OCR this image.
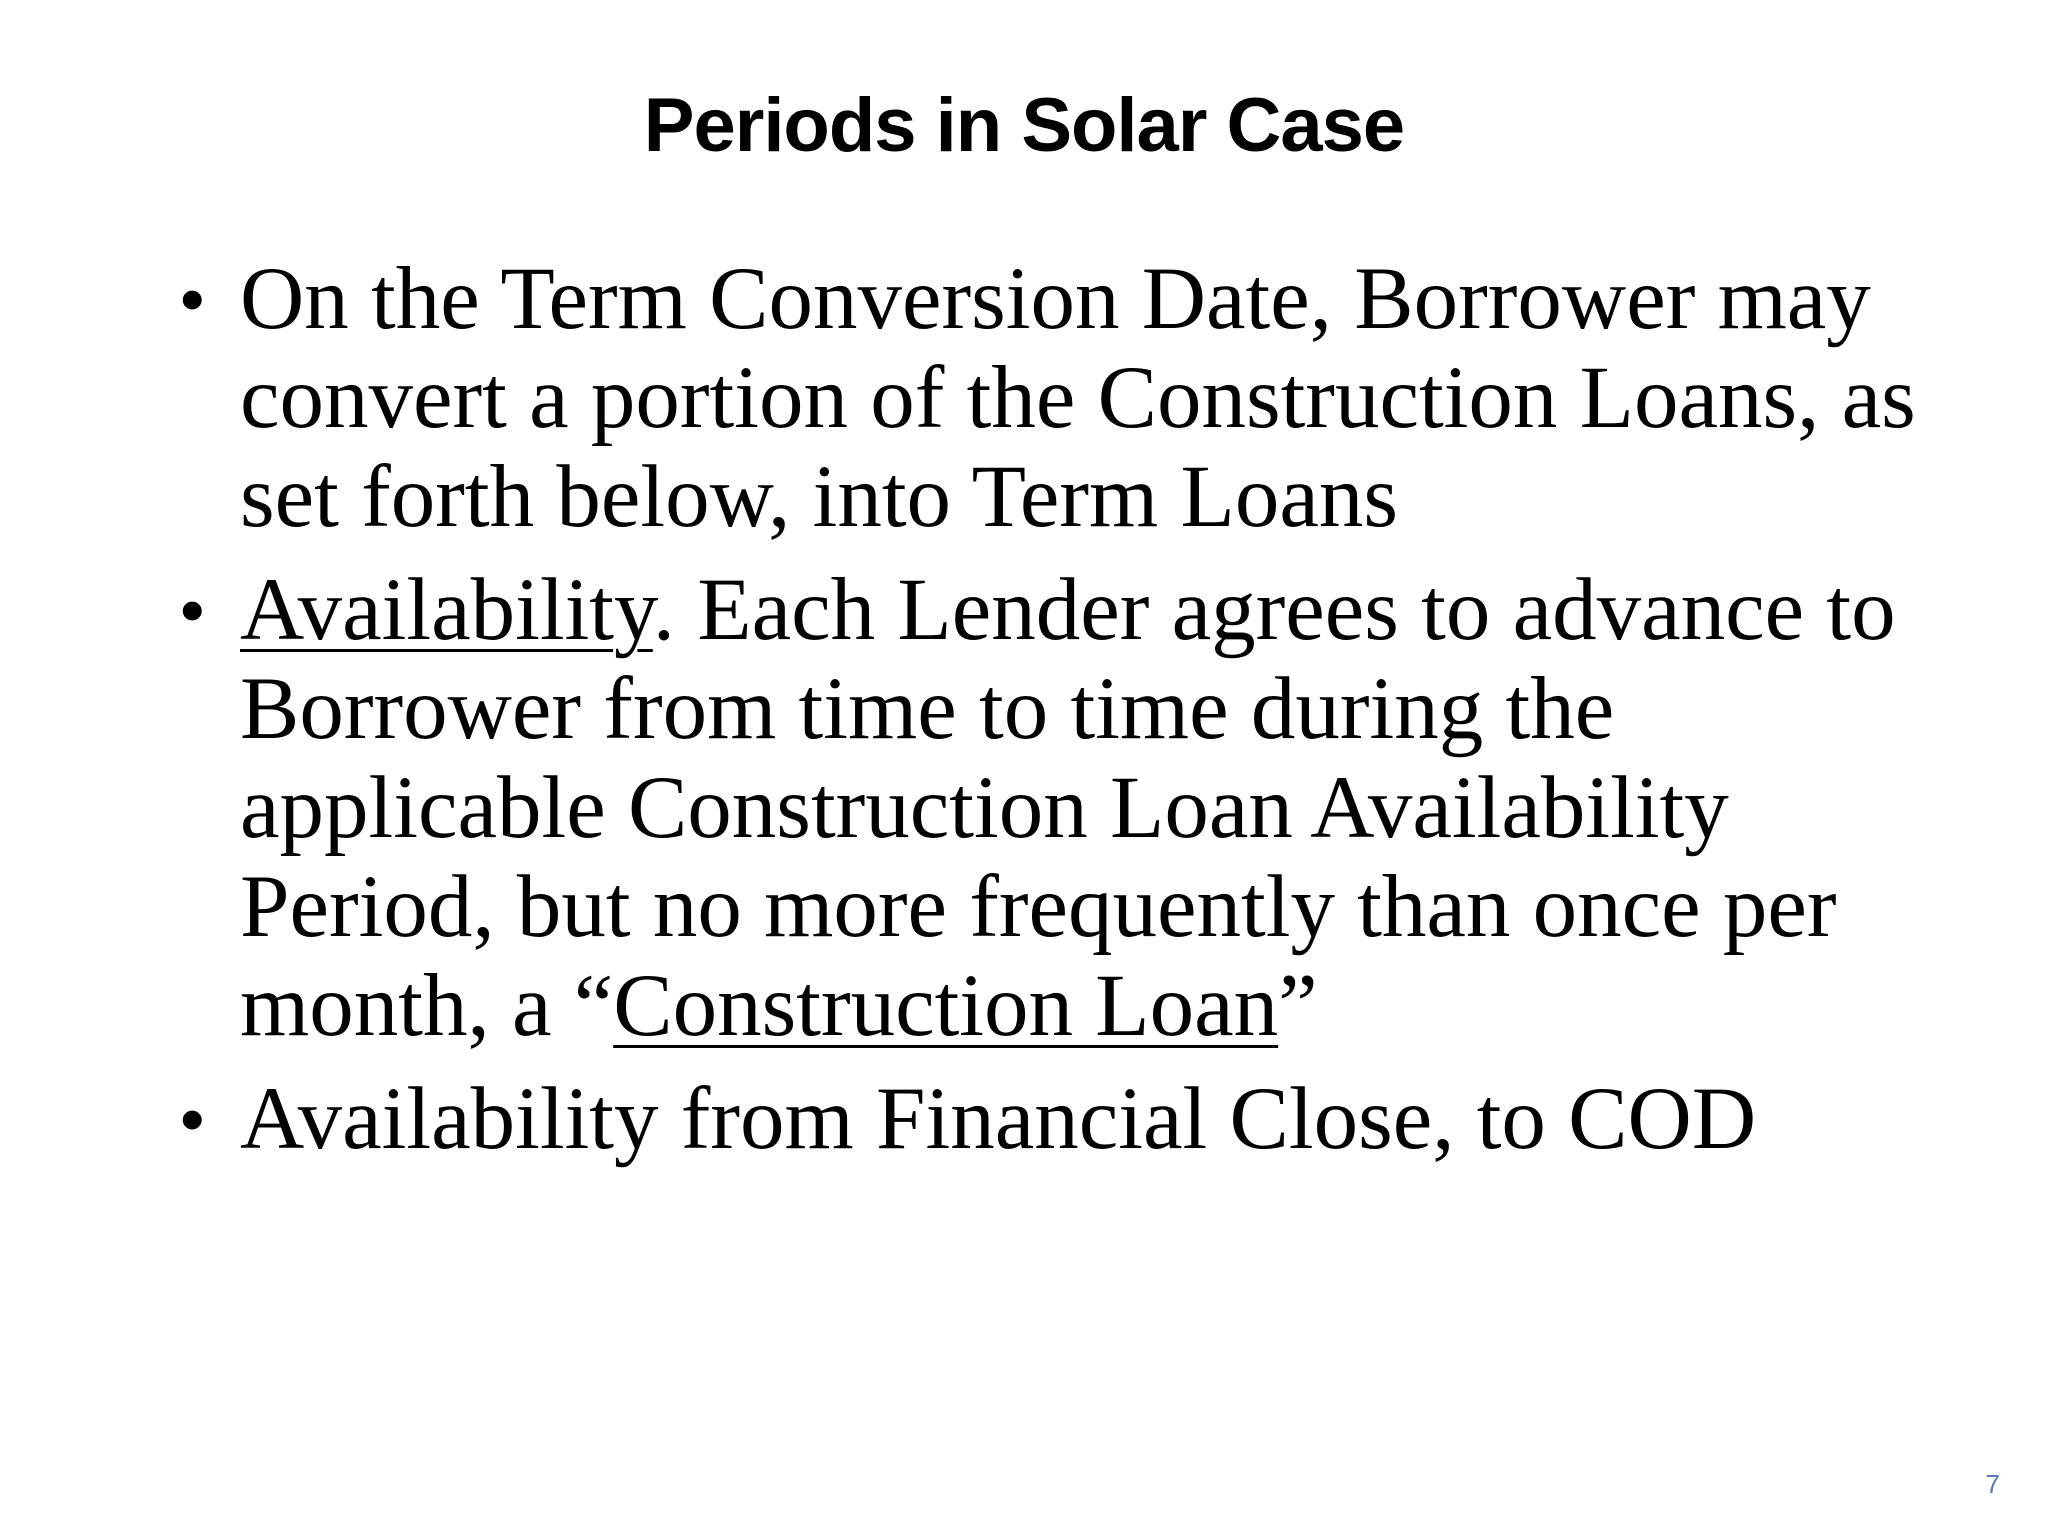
Periods in Solar Case
• On the Term Conversion Date, Borrower may convert a portion of the Construction Loans, as set forth below, into Term Loans
• Availability. Each Lender agrees to advance to Borrower from time to time during the applicable Construction Loan Availability Period, but no more frequently than once per month, a “Construction Loan”
• Availability from Financial Close, to COD
7
